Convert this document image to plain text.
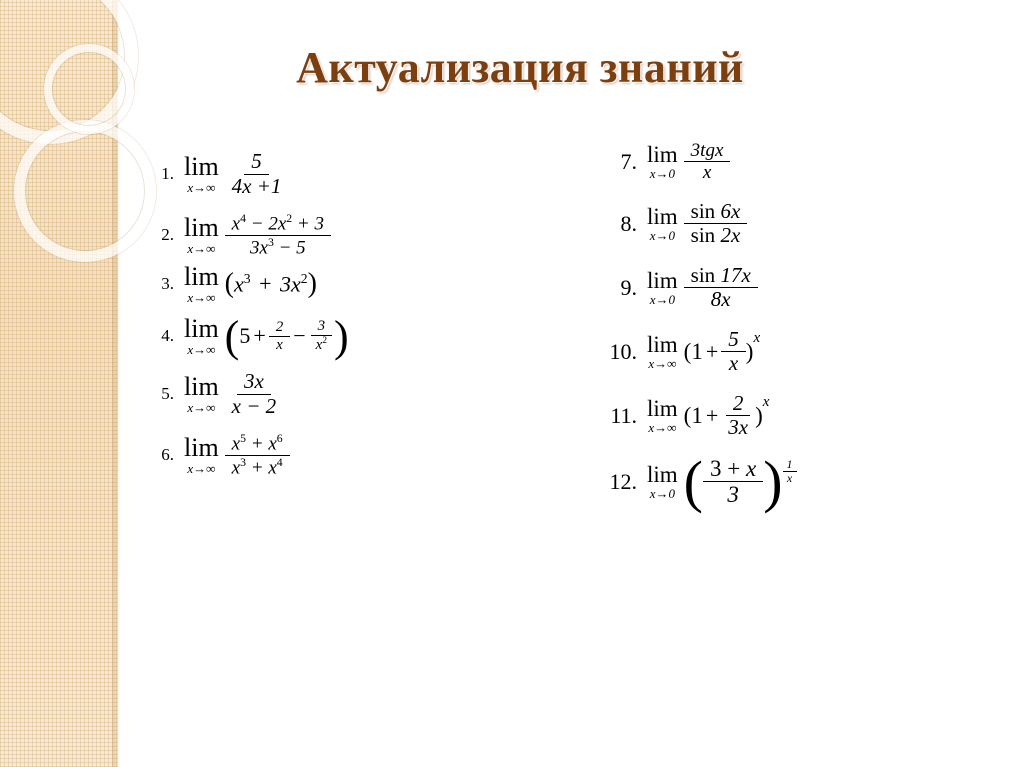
Актуализация знаний
1. lim
$x\to\infty \frac{5}{4x +1}$
2. lim
$x\to\infty \frac{x^4 - 2x^2 + 3}{3x^3 - 5}$
3. lim
x→∞ ( $x^3 + 3x^2$ )
4. lim
x→∞ ( $5 + \frac{2}{x} - \frac{3}{x^2}$ )
5. lim
$x\to\infty \frac{3x}{x - 2}$
6. lim
$x\to\infty \frac{x^5 + x^6}{x^3 + x^4}$
7. lim
$x\to 0 \frac{\text{3tgx}}{x}$
8. lim
$x\to 0 \frac{\sin 6x}{\sin 2x}$
9. lim
$x\to 0 \frac{\sin 17x}{8x}$
10. lim
x→∞ ($1 + \frac{5}{x}$ )
x
11. lim
x→∞ ($1 + \frac{2}{3x}$ )
x
12. lim
x→0 ( $\frac{3 + x}{3}$ ) $\frac{1}{x}$
